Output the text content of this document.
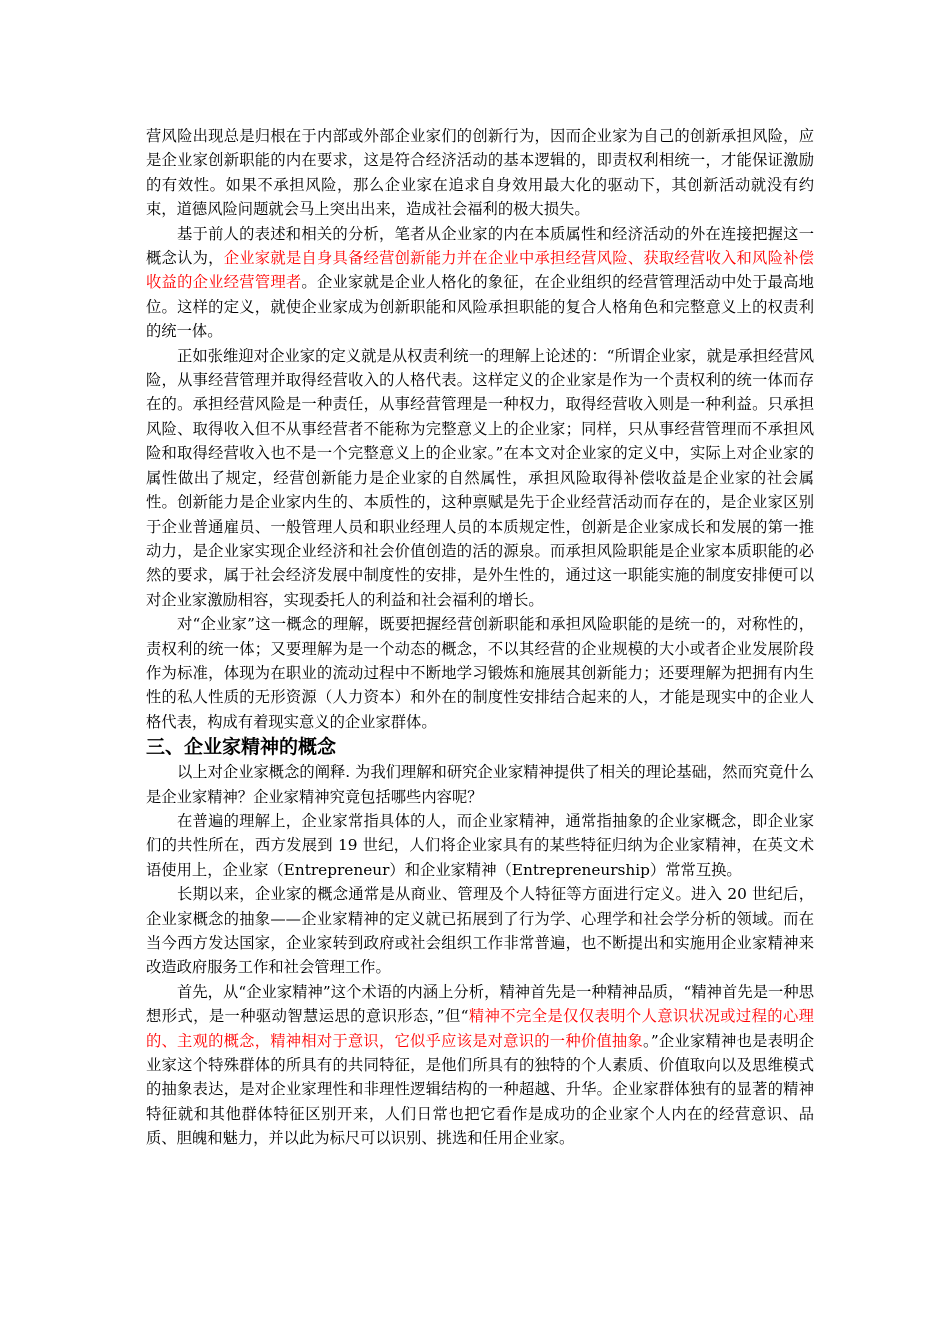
营风险出现总是归根在于内部或外部企业家们的创新行为，因而企业家为自己的创新承担风险，应是企业家创新职能的内在要求，这是符合经济活动的基本逻辑的，即责权利相统一，才能保证激励的有效性。如果不承担风险，那么企业家在追求自身效用最大化的驱动下，其创新活动就没有约束，道德风险问题就会马上突出出来，造成社会福利的极大损失。

基于前人的表述和相关的分析，笔者从企业家的内在本质属性和经济活动的外在连接把握这一概念认为，企业家就是自身具备经营创新能力并在企业中承担经营风险、获取经营收入和风险补偿收益的企业经营管理者。企业家就是企业人格化的象征，在企业组织的经营管理活动中处于最高地位。这样的定义，就使企业家成为创新职能和风险承担职能的复合人格角色和完整意义上的权责利的统一体。

正如张维迎对企业家的定义就是从权责利统一的理解上论述的：“所谓企业家，就是承担经营风险，从事经营管理并取得经营收入的人格代表。这样定义的企业家是作为一个责权利的统一体而存在的。承担经营风险是一种责任，从事经营管理是一种权力，取得经营收入则是一种利益。只承担风险、取得收入但不从事经营者不能称为完整意义上的企业家；同样，只从事经营管理而不承担风险和取得经营收入也不是一个完整意义上的企业家。”在本文对企业家的定义中，实际上对企业家的属性做出了规定，经营创新能力是企业家的自然属性，承担风险取得补偿收益是企业家的社会属性。创新能力是企业家内生的、本质性的，这种禀赋是先于企业经营活动而存在的，是企业家区别于企业普通雇员、一般管理人员和职业经理人员的本质规定性，创新是企业家成长和发展的第一推动力，是企业家实现企业经济和社会价值创造的活的源泉。而承担风险职能是企业家本质职能的必然的要求，属于社会经济发展中制度性的安排，是外生性的，通过这一职能实施的制度安排便可以对企业家激励相容，实现委托人的利益和社会福利的增长。

对“企业家”这一概念的理解，既要把握经营创新职能和承担风险职能的是统一的，对称性的，责权利的统一体；又要理解为是一个动态的概念，不以其经营的企业规模的大小或者企业发展阶段作为标准，体现为在职业的流动过程中不断地学习锻炼和施展其创新能力；还要理解为把拥有内生性的私人性质的无形资源（人力资本）和外在的制度性安排结合起来的人，才能是现实中的企业人格代表，构成有着现实意义的企业家群体。

三、企业家精神的概念

以上对企业家概念的阐释. 为我们理解和研究企业家精神提供了相关的理论基础，然而究竟什么是企业家精神？企业家精神究竟包括哪些内容呢？

在普遍的理解上，企业家常指具体的人，而企业家精神，通常指抽象的企业家概念，即企业家们的共性所在，西方发展到 19 世纪，人们将企业家具有的某些特征归纳为企业家精神，在英文术语使用上，企业家（Entrepreneur）和企业家精神（Entrepreneurship）常常互换。

长期以来，企业家的概念通常是从商业、管理及个人特征等方面进行定义。进入 20 世纪后，企业家概念的抽象——企业家精神的定义就已拓展到了行为学、心理学和社会学分析的领域。而在当今西方发达国家，企业家转到政府或社会组织工作非常普遍，也不断提出和实施用企业家精神来改造政府服务工作和社会管理工作。

首先，从“企业家精神”这个术语的内涵上分析，精神首先是一种精神品质，“精神首先是一种思想形式，是一种驱动智慧运思的意识形态，”但“精神不完全是仅仅表明个人意识状况或过程的心理的、主观的概念，精神相对于意识，它似乎应该是对意识的一种价值抽象。”企业家精神也是表明企业家这个特殊群体的所具有的共同特征，是他们所具有的独特的个人素质、价值取向以及思维模式的抽象表达，是对企业家理性和非理性逻辑结构的一种超越、升华。企业家群体独有的显著的精神特征就和其他群体特征区别开来，人们日常也把它看作是成功的企业家个人内在的经营意识、品质、胆魄和魅力，并以此为标尺可以识别、挑选和任用企业家。
